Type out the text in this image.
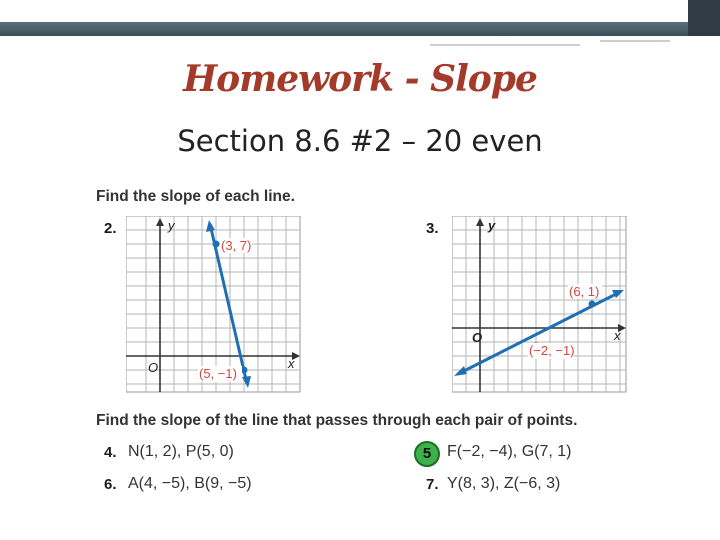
Homework - Slope
Section 8.6 #2 – 20 even
Find the slope of each line.
2.	y
x
O
(3, 7)
(5, −1)
3.	y
x
O
(6, 1)
(−2, −1)
Find the slope of the line that passes through each pair of points.
4. N(1, 2), P(5, 0)	5 F(−2, −4), G(7, 1)
6. A(4, −5), B(9, −5)	7. Y(8, 3), Z(−6, 3)
